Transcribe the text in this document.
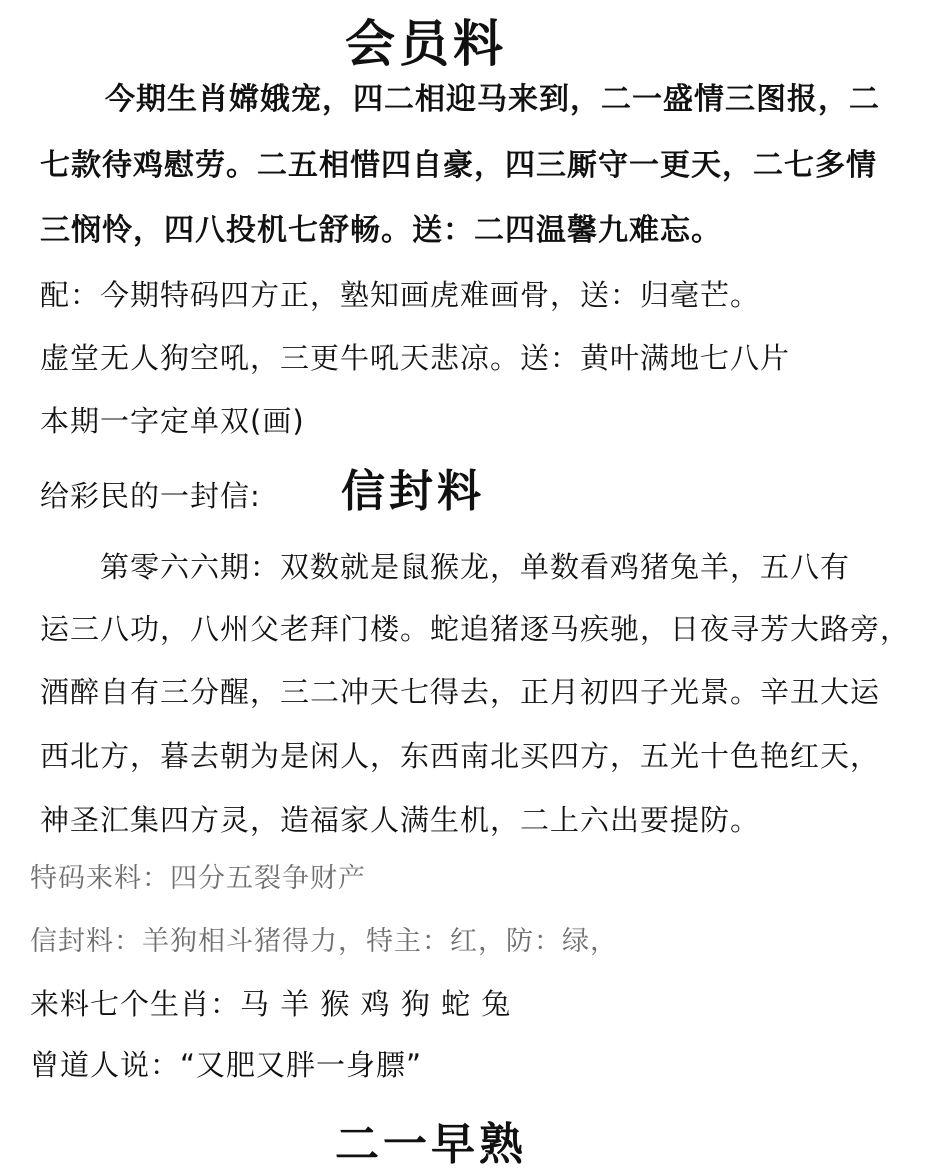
会员料
今期生肖嫦娥宠，四二相迎马来到，二一盛情三图报，二
七款待鸡慰劳。二五相惜四自豪，四三厮守一更天，二七多情
三悯怜，四八投机七舒畅。送：二四温馨九难忘。
配：今期特码四方正，塾知画虎难画骨，送：归毫芒。
虚堂无人狗空吼，三更牛吼天悲凉。送：黄叶满地七八片
本期一字定单双(画)
给彩民的一封信: 信封料
第零六六期：双数就是鼠猴龙，单数看鸡猪兔羊，五八有
运三八功，八州父老拜门楼。蛇追猪逐马疾驰，日夜寻芳大路旁，
酒醉自有三分醒，三二冲天七得去，正月初四子光景。辛丑大运
西北方，暮去朝为是闲人，东西南北买四方，五光十色艳红天，
神圣汇集四方灵，造福家人满生机，二上六出要提防。
特码来料：四分五裂争财产
信封料：羊狗相斗猪得力，特主：红，防：绿，
来料七个生肖：马 羊 猴 鸡 狗 蛇 兔
曾道人说：“又肥又胖一身膘”
二一早熟
